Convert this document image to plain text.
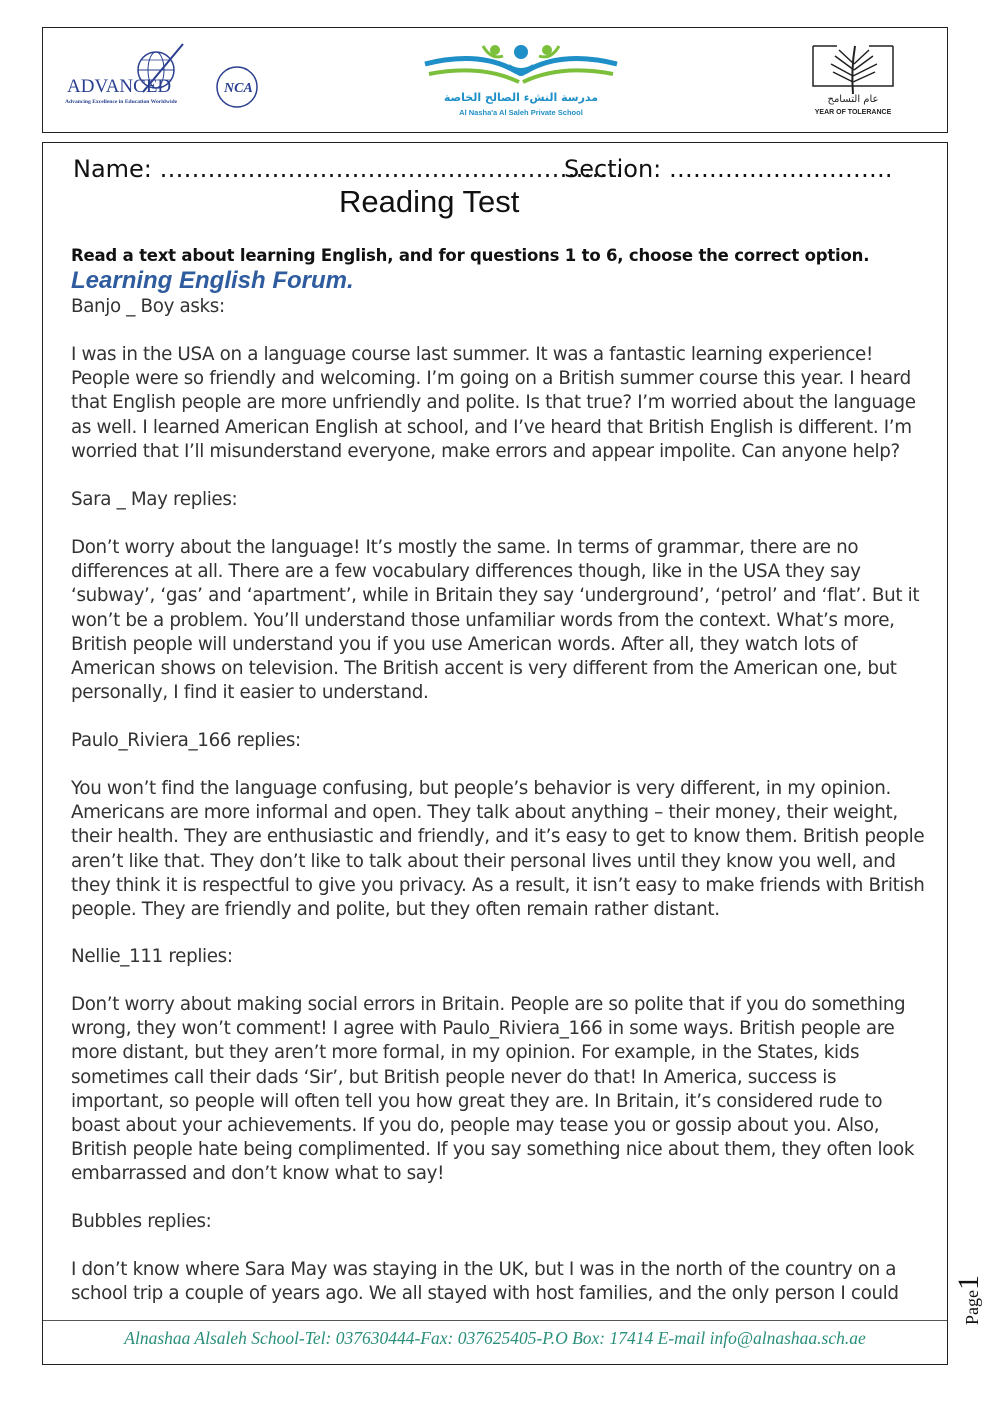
ADVANCED
Advancing Excellence in Education Worldwide
NCA
مدرسة النشء الصالح الخاصة
Al Nasha'a Al Saleh Private School
عام التسامح
YEAR OF TOLERANCE
Name: ………………………………………………….
Section: ……………………….
Reading Test
Read a text about learning English, and for questions 1 to 6, choose the correct option.
Learning English Forum.
Banjo _ Boy asks:
I was in the USA on a language course last summer. It was a fantastic learning experience! People were so friendly and welcoming. I’m going on a British summer course this year. I heard that English people are more unfriendly and polite. Is that true? I’m worried about the language as well. I learned American English at school, and I’ve heard that British English is different. I’m worried that I’ll misunderstand everyone, make errors and appear impolite. Can anyone help?
Sara _ May replies:
Don’t worry about the language! It’s mostly the same. In terms of grammar, there are no differences at all. There are a few vocabulary differences though, like in the USA they say ‘subway’, ‘gas’ and ‘apartment’, while in Britain they say ‘underground’, ‘petrol’ and ‘flat’. But it won’t be a problem. You’ll understand those unfamiliar words from the context. What’s more, British people will understand you if you use American words. After all, they watch lots of American shows on television. The British accent is very different from the American one, but personally, I find it easier to understand.
Paulo_Riviera_166 replies:
You won’t find the language confusing, but people’s behavior is very different, in my opinion. Americans are more informal and open. They talk about anything – their money, their weight, their health. They are enthusiastic and friendly, and it’s easy to get to know them. British people aren’t like that. They don’t like to talk about their personal lives until they know you well, and they think it is respectful to give you privacy. As a result, it isn’t easy to make friends with British people. They are friendly and polite, but they often remain rather distant.
Nellie_111 replies:
Don’t worry about making social errors in Britain. People are so polite that if you do something wrong, they won’t comment! I agree with Paulo_Riviera_166 in some ways. British people are more distant, but they aren’t more formal, in my opinion. For example, in the States, kids sometimes call their dads ‘Sir’, but British people never do that! In America, success is important, so people will often tell you how great they are. In Britain, it’s considered rude to boast about your achievements. If you do, people may tease you or gossip about you. Also, British people hate being complimented. If you say something nice about them, they often look embarrassed and don’t know what to say!
Bubbles replies:
I don’t know where Sara May was staying in the UK, but I was in the north of the country on a school trip a couple of years ago. We all stayed with host families, and the only person I could
Alnashaa Alsaleh School-Tel: 037630444-Fax: 037625405-P.O Box: 17414 E-mail info@alnashaa.sch.ae
Page1
